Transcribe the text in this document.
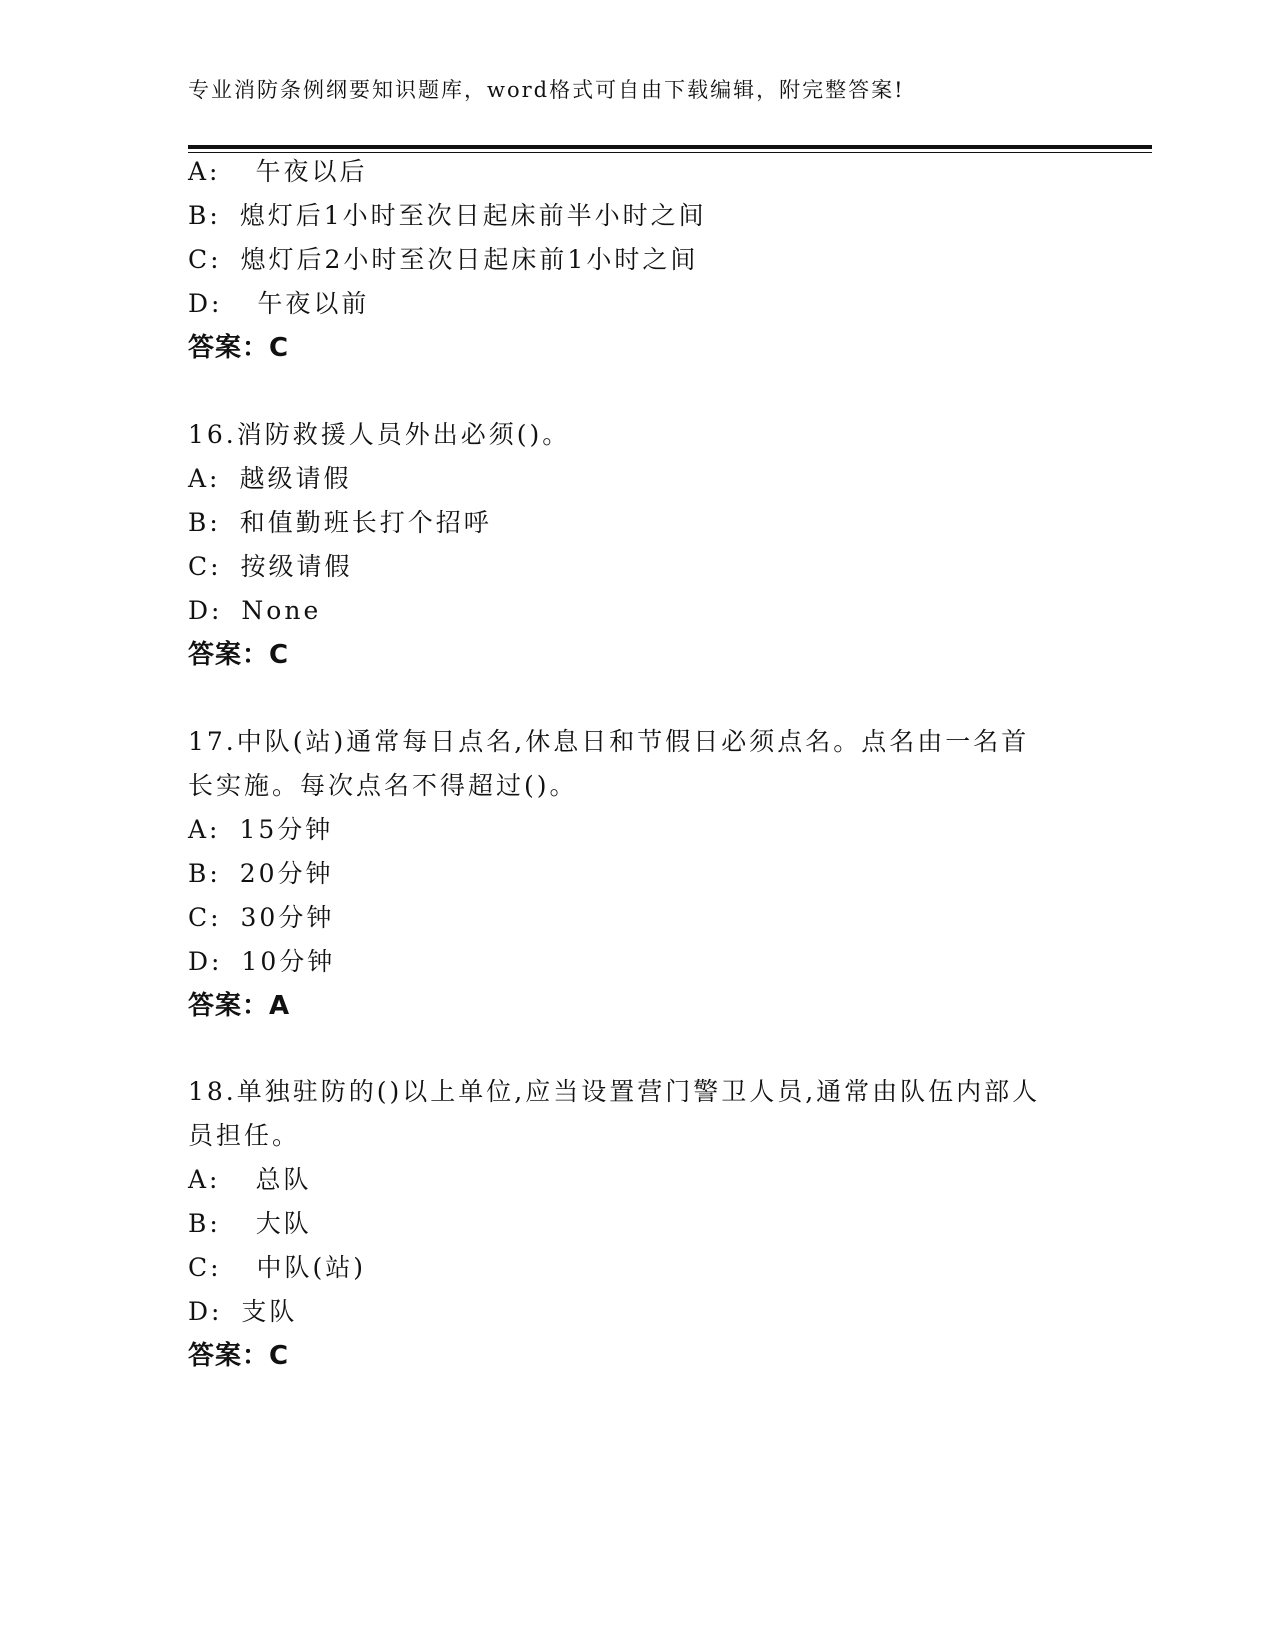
专业消防条例纲要知识题库，word格式可自由下载编辑，附完整答案!
A: 午夜以后
B: 熄灯后1小时至次日起床前半小时之间
C: 熄灯后2小时至次日起床前1小时之间
D: 午夜以前
答案：C
16.消防救援人员外出必须()。
A: 越级请假
B: 和值勤班长打个招呼
C: 按级请假
D: None
答案：C
17.中队(站)通常每日点名,休息日和节假日必须点名。点名由一名首
长实施。每次点名不得超过()。
A: 15分钟
B: 20分钟
C: 30分钟
D: 10分钟
答案：A
18.单独驻防的()以上单位,应当设置营门警卫人员,通常由队伍内部人
员担任。
A: 总队
B: 大队
C: 中队(站)
D: 支队
答案：C
